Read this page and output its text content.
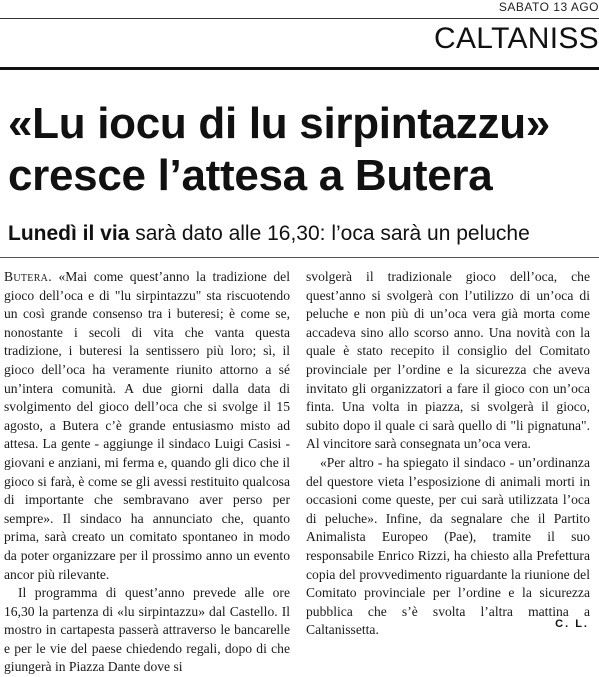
SABATO 13 AGO
CALTANISS
«Lu iocu di lu sirpintazzu»
cresce l’attesa a Butera
Lunedì il via sarà dato alle 16,30: l’oca sarà un peluche

Butera. «Mai come quest’anno la tradizione del gioco dell’oca e di "lu sirpintazzu" sta riscuotendo un così grande consenso tra i buteresi; è come se, nonostante i secoli di vita che vanta questa tradizione, i buteresi la sentissero più loro; sì, il gioco dell’oca ha veramente riunito attorno a sé un’intera comunità. A due giorni dalla data di svolgimento del gioco dell’oca che si svolge il 15 agosto, a Butera c’è grande entusiasmo misto ad attesa. La gente - aggiunge il sindaco Luigi Casisi - giovani e anziani, mi ferma e, quando gli dico che il gioco si farà, è come se gli avessi restituito qualcosa di importante che sembravano aver perso per sempre». Il sindaco ha annunciato che, quanto prima, sarà creato un comitato spontaneo in modo da poter organizzare per il prossimo anno un evento ancor più rilevante.

Il programma di quest’anno prevede alle ore 16,30 la partenza di «lu sirpintazzu» dal Castello. Il mostro in cartapesta passerà attraverso le bancarelle e per le vie del paese chiedendo regali, dopo di che giungerà in Piazza Dante dove si

svolgerà il tradizionale gioco dell’oca, che quest’anno si svolgerà con l’utilizzo di un’oca di peluche e non più di un’oca vera già morta come accadeva sino allo scorso anno. Una novità con la quale è stato recepito il consiglio del Comitato provinciale per l’ordine e la sicurezza che aveva invitato gli organizzatori a fare il gioco con un’oca finta. Una volta in piazza, si svolgerà il gioco, subito dopo il quale ci sarà quello di "li pignatuna". Al vincitore sarà consegnata un’oca vera.

«Per altro - ha spiegato il sindaco - un’ordinanza del questore vieta l’esposizione di animali morti in occasioni come queste, per cui sarà utilizzata l’oca di peluche». Infine, da segnalare che il Partito Animalista Europeo (Pae), tramite il suo responsabile Enrico Rizzi, ha chiesto alla Prefettura copia del provvedimento riguardante la riunione del Comitato provinciale per l’ordine e la sicurezza pubblica che s’è svolta l’altra mattina a Caltanissetta.	C. L.
